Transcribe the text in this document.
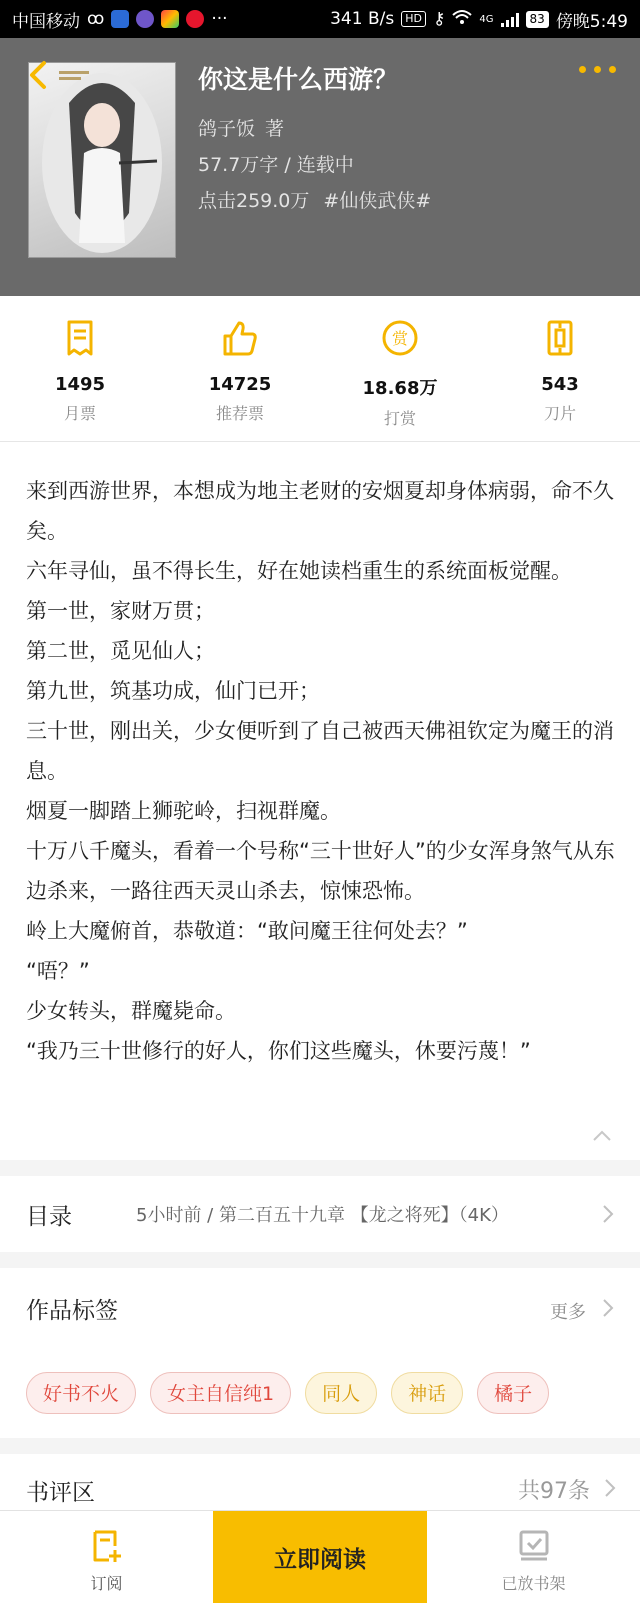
中国移动 ꝏ	···	341 B/s	HD ⚷	4G	83 傍晚5:49
你这是什么西游？
鸽子饭 著
57.7万字 / 连载中
点击259.0万 #仙侠武侠#
1495
月票
14725
推荐票
赏
18.68万
打赏
543
刀片

来到西游世界，本想成为地主老财的安烟夏却身体病弱，命不久矣。

六年寻仙，虽不得长生，好在她读档重生的系统面板觉醒。

第一世，家财万贯；

第二世，觅见仙人；

第九世，筑基功成，仙门已开；

三十世，刚出关，少女便听到了自己被西天佛祖钦定为魔王的消息。

烟夏一脚踏上狮驼岭，扫视群魔。

十万八千魔头，看着一个号称“三十世好人”的少女浑身煞气从东边杀来，一路往西天灵山杀去，惊悚恐怖。

岭上大魔俯首，恭敬道：“敢问魔王往何处去？”

“唔？”

少女转头，群魔毙命。

“我乃三十世修行的好人，你们这些魔头，休要污蔑！”

目录	5小时前 / 第二百五十九章 【龙之将死】（4K）
作品标签	更多
好书不火	女主自信纯1	同人	神话	橘子
书评区	共97条
订阅
立即阅读
已放书架
